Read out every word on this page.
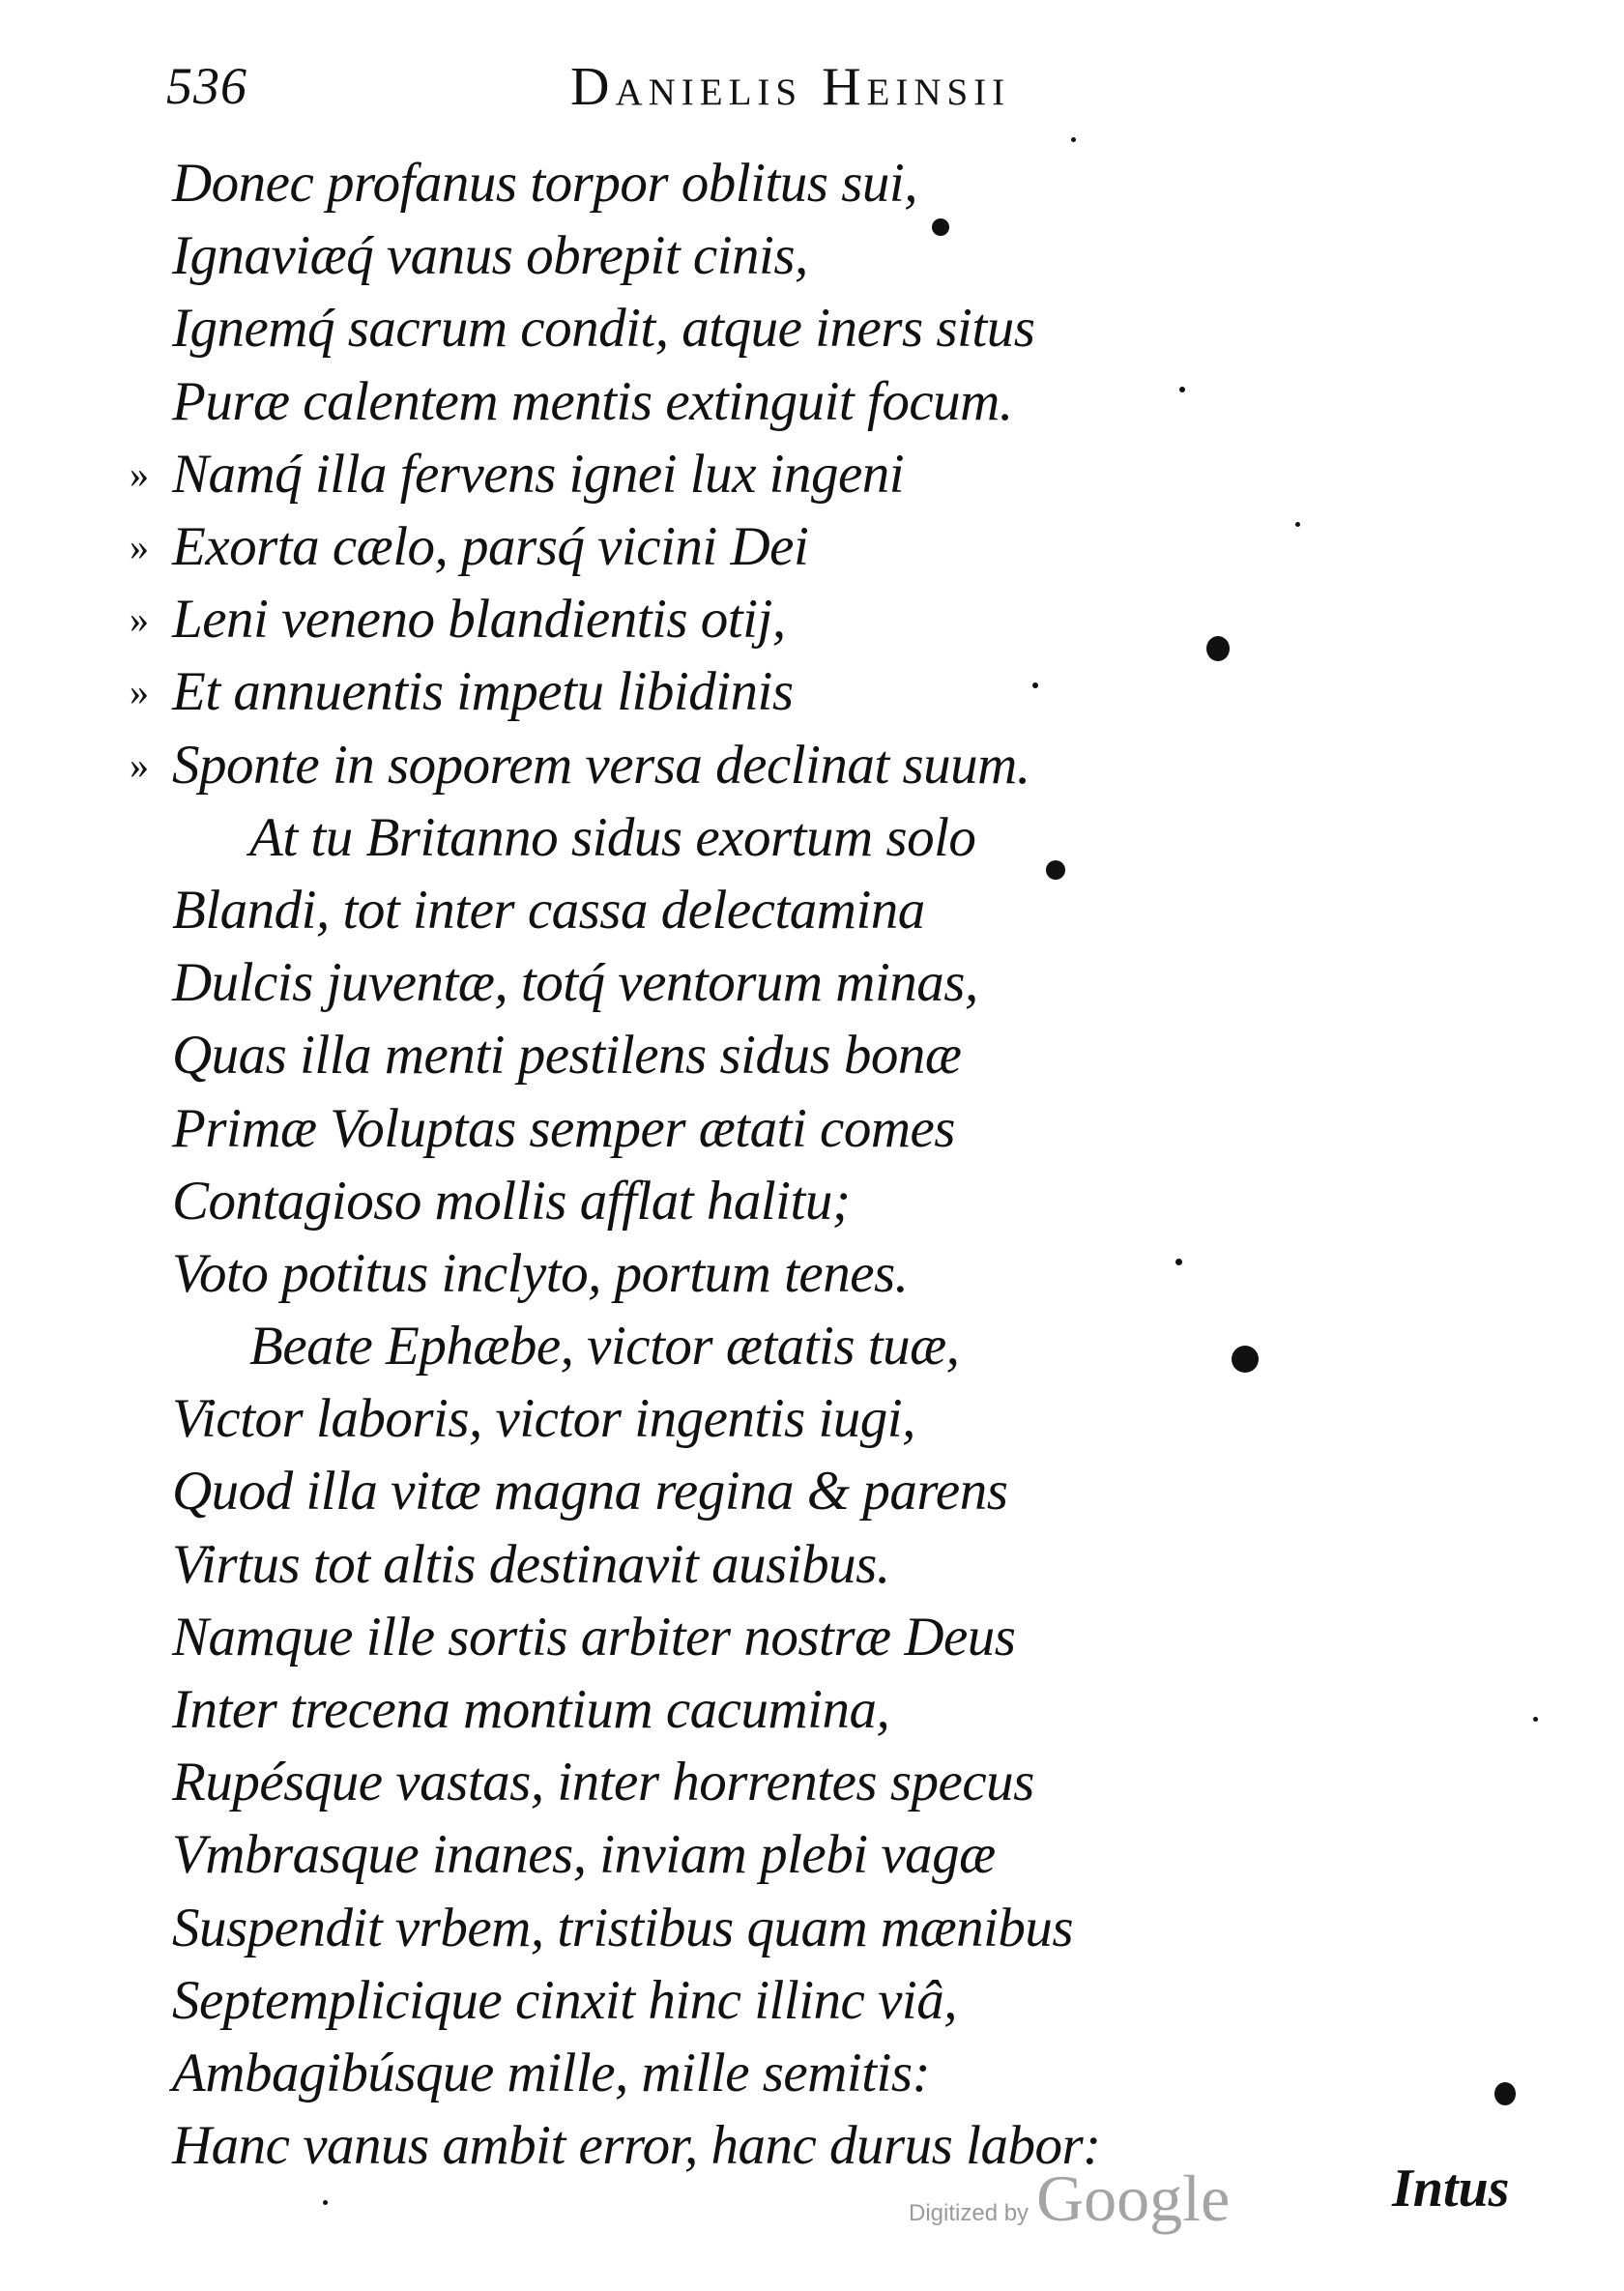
536	Danielis Heinsii
Donec profanus torpor oblitus sui,
Ignaviæq́ vanus obrepit cinis,
Ignemq́ sacrum condit, atque iners situs
Puræ calentem mentis extinguit focum.
» Namq́ illa fervens ignei lux ingeni
» Exorta cælo, parsq́ vicini Dei
» Leni veneno blandientis otij,
» Et annuentis impetu libidinis
» Sponte in soporem versa declinat suum.
At tu Britanno sidus exortum solo
Blandi, tot inter cassa delectamina
Dulcis juventæ, totq́ ventorum minas,
Quas illa menti pestilens sidus bonæ
Primæ Voluptas semper ætati comes
Contagioso mollis afflat halitu;
Voto potitus inclyto, portum tenes.
Beate Ephæbe, victor ætatis tuæ,
Victor laboris, victor ingentis iugi,
Quod illa vitæ magna regina & parens
Virtus tot altis destinavit ausibus.
Namque ille sortis arbiter nostræ Deus
Inter trecena montium cacumina,
Rupésque vastas, inter horrentes specus
Vmbrasque inanes, inviam plebi vagæ
Suspendit vrbem, tristibus quam mænibus
Septemplicique cinxit hinc illinc viâ,
Ambagibúsque mille, mille semitis:
Hanc vanus ambit error, hanc durus labor:
Digitized by Google	Intus
